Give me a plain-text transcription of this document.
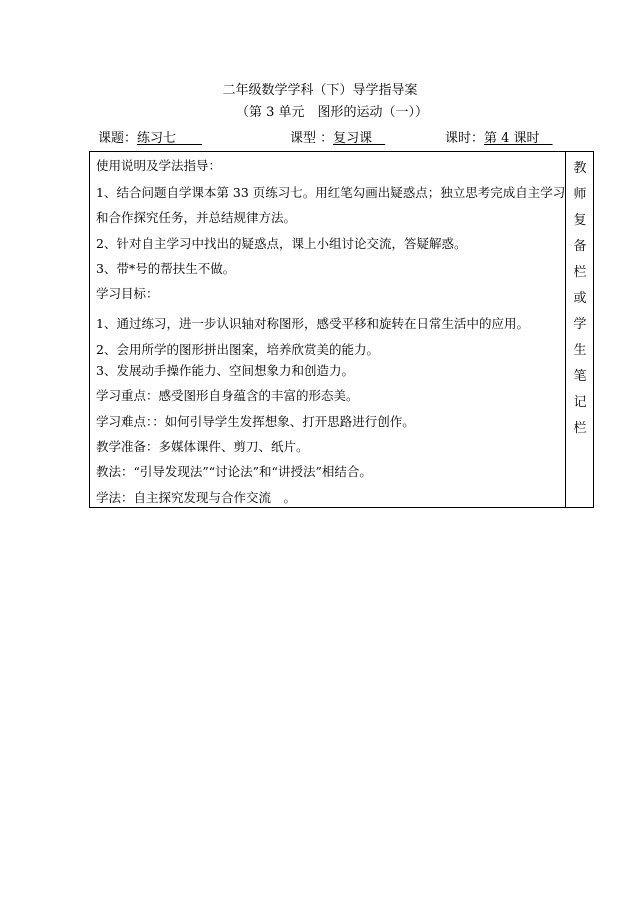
二年级数学学科（下）导学指导案
（第 3 单元　图形的运动（一））
课题：练习七　　	课型 ：复习课　	课时：第 4 课时　
使用说明及学法指导：
1、结合问题自学课本第 33 页练习七。用红笔勾画出疑惑点；独立思考完成自主学习
和合作探究任务，并总结规律方法。
2、针对自主学习中找出的疑惑点，课上小组讨论交流，答疑解惑。
3、带*号的帮扶生不做。
学习目标：
1、通过练习，进一步认识轴对称图形，感受平移和旋转在日常生活中的应用。
2、会用所学的图形拼出图案，培养欣赏美的能力。
3、发展动手操作能力、空间想象力和创造力。
学习重点：感受图形自身蕴含的丰富的形态美。
学习难点：：如何引导学生发挥想象、打开思路进行创作。
教学准备：多媒体课件、剪刀、纸片。
教法：“引导发现法”“讨论法”和“讲授法”相结合。
学法：自主探究发现与合作交流　。
教师复备栏或学生笔记栏
